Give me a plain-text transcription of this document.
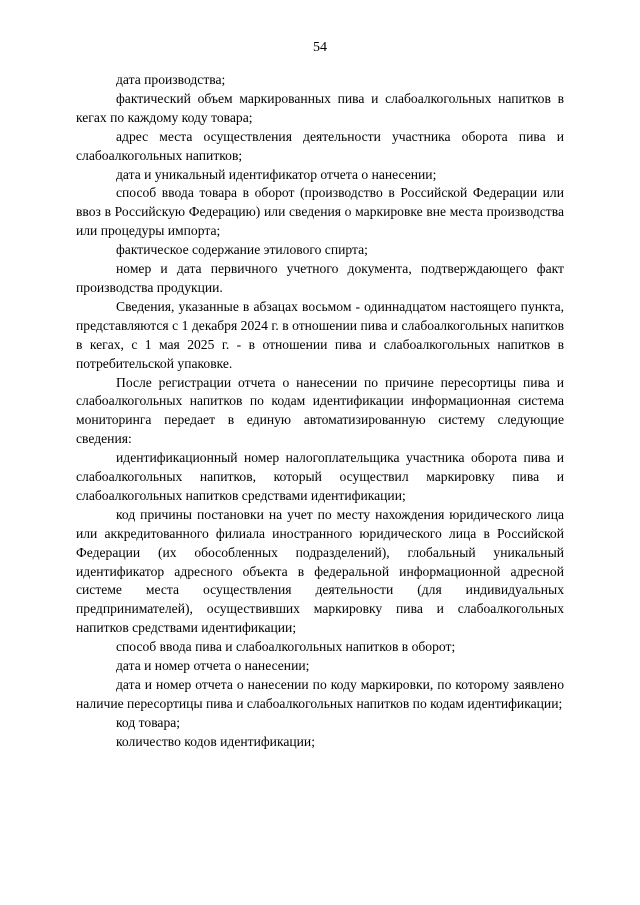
54

дата производства;

фактический объем маркированных пива и слабоалкогольных напитков в кегах по каждому коду товара;

адрес места осуществления деятельности участника оборота пива и слабоалкогольных напитков;

дата и уникальный идентификатор отчета о нанесении;

способ ввода товара в оборот (производство в Российской Федерации или ввоз в Российскую Федерацию) или сведения о маркировке вне места производства или процедуры импорта;

фактическое содержание этилового спирта;

номер и дата первичного учетного документа, подтверждающего факт производства продукции.

Сведения, указанные в абзацах восьмом - одиннадцатом настоящего пункта, представляются с 1 декабря 2024 г. в отношении пива и слабоалкогольных напитков в кегах, с 1 мая 2025 г. - в отношении пива и слабоалкогольных напитков в потребительской упаковке.

После регистрации отчета о нанесении по причине пересортицы пива и слабоалкогольных напитков по кодам идентификации информационная система мониторинга передает в единую автоматизированную систему следующие сведения:

идентификационный номер налогоплательщика участника оборота пива и слабоалкогольных напитков, который осуществил маркировку пива и слабоалкогольных напитков средствами идентификации;

код причины постановки на учет по месту нахождения юридического лица или аккредитованного филиала иностранного юридического лица в Российской Федерации (их обособленных подразделений), глобальный уникальный идентификатор адресного объекта в федеральной информационной адресной системе места осуществления деятельности (для индивидуальных предпринимателей), осуществивших маркировку пива и слабоалкогольных напитков средствами идентификации;

способ ввода пива и слабоалкогольных напитков в оборот;

дата и номер отчета о нанесении;

дата и номер отчета о нанесении по коду маркировки, по которому заявлено наличие пересортицы пива и слабоалкогольных напитков по кодам идентификации;

код товара;

количество кодов идентификации;
